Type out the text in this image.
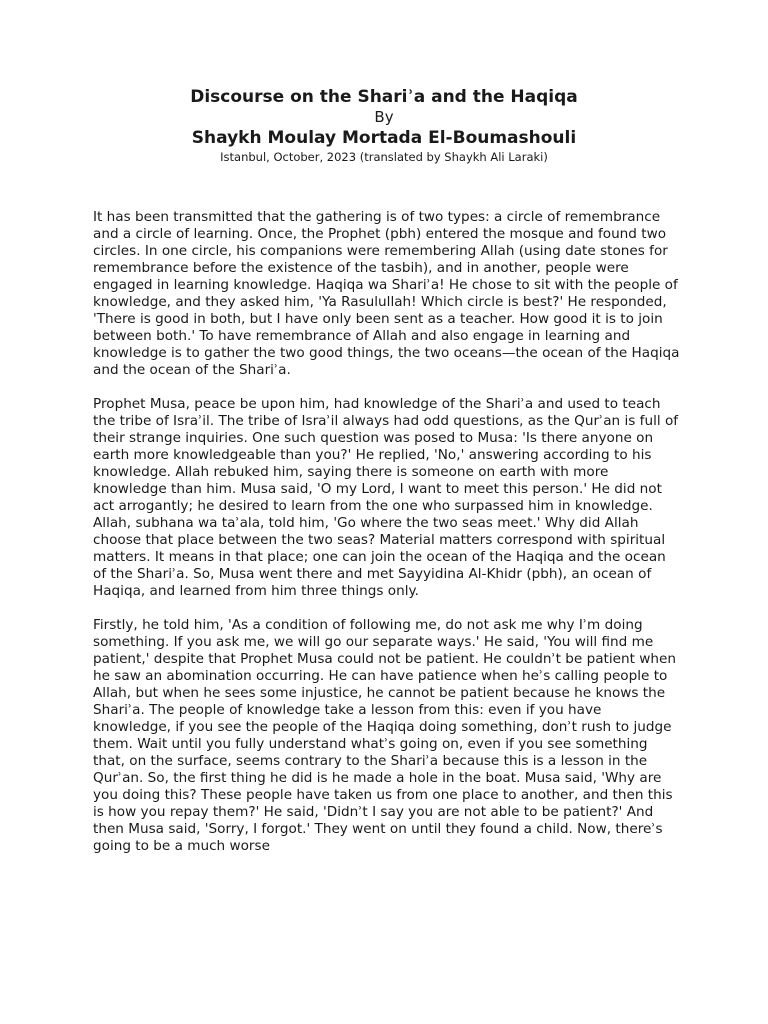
Discourse on the Shariʾa and the Haqiqa

By

Shaykh Moulay Mortada El-Boumashouli

Istanbul, October, 2023 (translated by Shaykh Ali Laraki)

It has been transmitted that the gathering is of two types: a circle of remembrance and a circle of learning. Once, the Prophet (pbh) entered the mosque and found two circles. In one circle, his companions were remembering Allah (using date stones for remembrance before the existence of the tasbih), and in another, people were engaged in learning knowledge. Haqiqa wa Shariʾa! He chose to sit with the people of knowledge, and they asked him, 'Ya Rasulullah! Which circle is best?' He responded, 'There is good in both, but I have only been sent as a teacher. How good it is to join between both.' To have remembrance of Allah and also engage in learning and knowledge is to gather the two good things, the two oceans—the ocean of the Haqiqa and the ocean of the Shariʾa.

Prophet Musa, peace be upon him, had knowledge of the Shariʾa and used to teach the tribe of Israʾil. The tribe of Israʾil always had odd questions, as the Qurʾan is full of their strange inquiries. One such question was posed to Musa: 'Is there anyone on earth more knowledgeable than you?' He replied, 'No,' answering according to his knowledge. Allah rebuked him, saying there is someone on earth with more knowledge than him. Musa said, 'O my Lord, I want to meet this person.' He did not act arrogantly; he desired to learn from the one who surpassed him in knowledge. Allah, subhana wa taʾala, told him, 'Go where the two seas meet.' Why did Allah choose that place between the two seas? Material matters correspond with spiritual matters. It means in that place; one can join the ocean of the Haqiqa and the ocean of the Shariʾa. So, Musa went there and met Sayyidina Al-Khidr (pbh), an ocean of Haqiqa, and learned from him three things only.

Firstly, he told him, 'As a condition of following me, do not ask me why Iʾm doing something. If you ask me, we will go our separate ways.' He said, 'You will find me patient,' despite that Prophet Musa could not be patient. He couldnʾt be patient when he saw an abomination occurring. He can have patience when heʾs calling people to Allah, but when he sees some injustice, he cannot be patient because he knows the Shariʾa. The people of knowledge take a lesson from this: even if you have knowledge, if you see the people of the Haqiqa doing something, donʾt rush to judge them. Wait until you fully understand whatʾs going on, even if you see something that, on the surface, seems contrary to the Shariʾa because this is a lesson in the Qurʾan. So, the first thing he did is he made a hole in the boat. Musa said, 'Why are you doing this? These people have taken us from one place to another, and then this is how you repay them?' He said, 'Didnʾt I say you are not able to be patient?' And then Musa said, 'Sorry, I forgot.' They went on until they found a child. Now, thereʾs going to be a much worse
